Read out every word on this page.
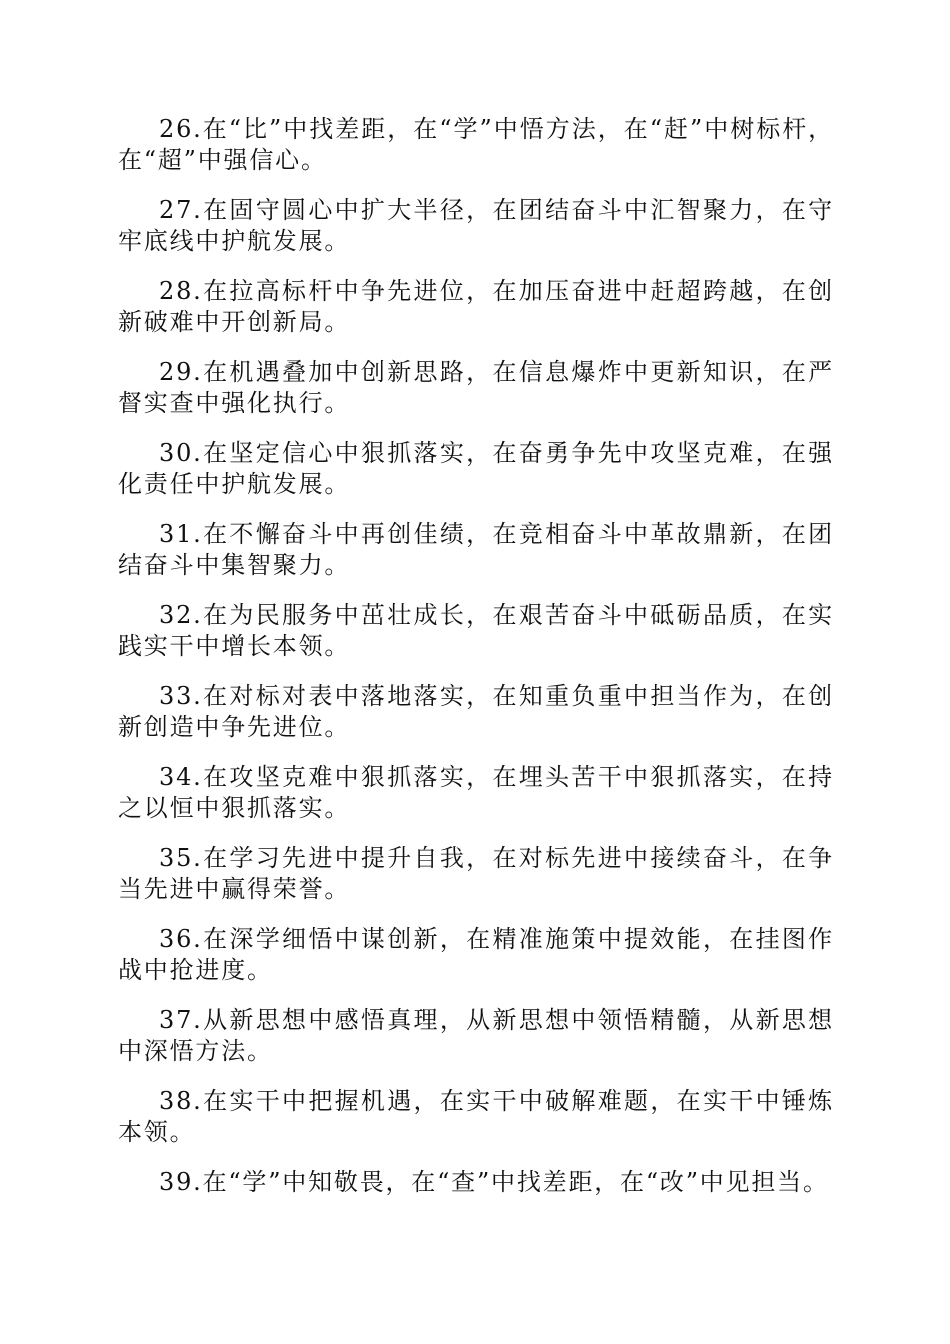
26.在“比”中找差距，在“学”中悟方法，在“赶”中树标杆，在“超”中强信心。

27.在固守圆心中扩大半径，在团结奋斗中汇智聚力，在守牢底线中护航发展。

28.在拉高标杆中争先进位，在加压奋进中赶超跨越，在创新破难中开创新局。

29.在机遇叠加中创新思路，在信息爆炸中更新知识，在严督实查中强化执行。

30.在坚定信心中狠抓落实，在奋勇争先中攻坚克难，在强化责任中护航发展。

31.在不懈奋斗中再创佳绩，在竞相奋斗中革故鼎新，在团结奋斗中集智聚力。

32.在为民服务中茁壮成长，在艰苦奋斗中砥砺品质，在实践实干中增长本领。

33.在对标对表中落地落实，在知重负重中担当作为，在创新创造中争先进位。

34.在攻坚克难中狠抓落实，在埋头苦干中狠抓落实，在持之以恒中狠抓落实。

35.在学习先进中提升自我，在对标先进中接续奋斗，在争当先进中赢得荣誉。

36.在深学细悟中谋创新，在精准施策中提效能，在挂图作战中抢进度。

37.从新思想中感悟真理，从新思想中领悟精髓，从新思想中深悟方法。

38.在实干中把握机遇，在实干中破解难题，在实干中锤炼本领。

39.在“学”中知敬畏，在“查”中找差距，在“改”中见担当。
